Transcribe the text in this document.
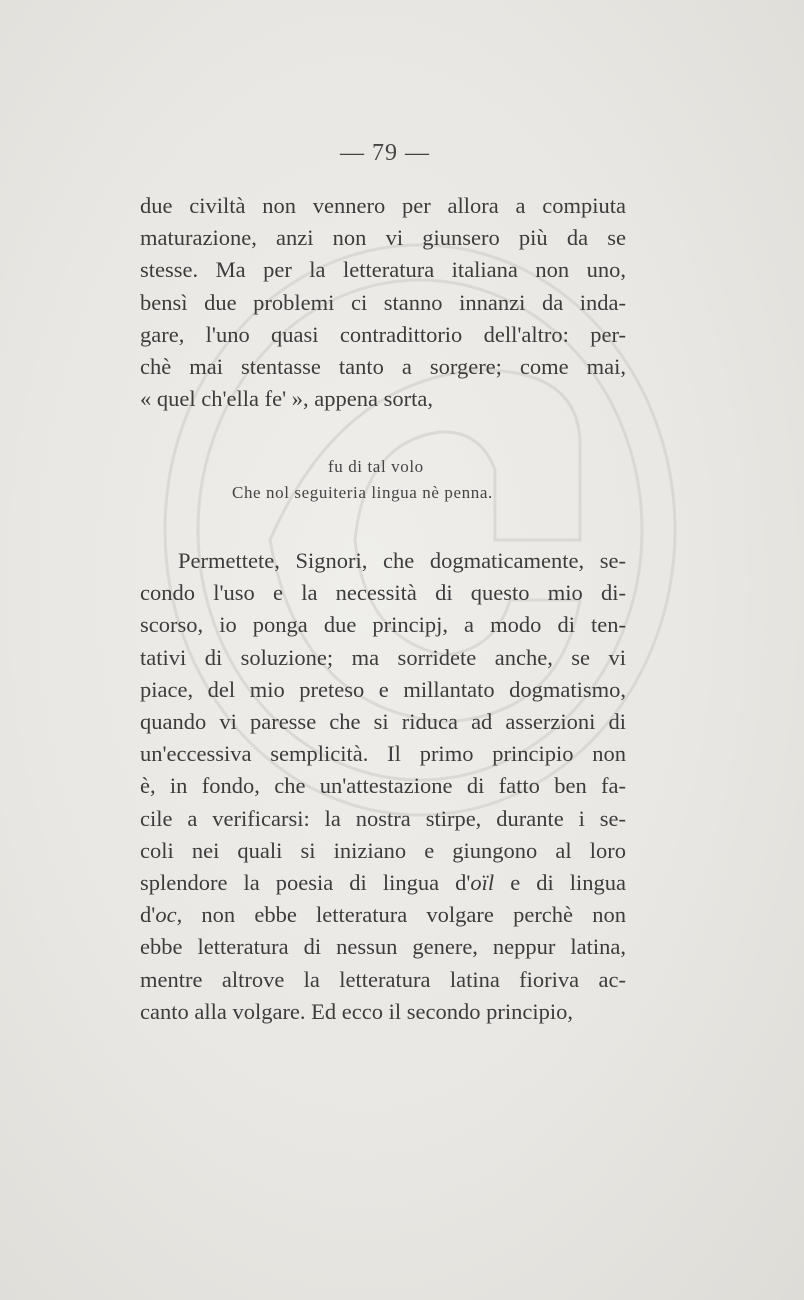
— 79 —

due civiltà non vennero per allora a compiuta
maturazione, anzi non vi giunsero più da se
stesse. Ma per la letteratura italiana non uno,
bensì due problemi ci stanno innanzi da inda-
gare, l'uno quasi contradittorio dell'altro: per-
chè mai stentasse tanto a sorgere; come mai,
« quel ch'ella fe' », appena sorta,

fu di tal volo
Che nol seguiteria lingua nè penna.

Permettete, Signori, che dogmaticamente, se-
condo l'uso e la necessità di questo mio di-
scorso, io ponga due principj, a modo di ten-
tativi di soluzione; ma sorridete anche, se vi
piace, del mio preteso e millantato dogmatismo,
quando vi paresse che si riduca ad asserzioni di
un'eccessiva semplicità. Il primo principio non
è, in fondo, che un'attestazione di fatto ben fa-
cile a verificarsi: la nostra stirpe, durante i se-
coli nei quali si iniziano e giungono al loro
splendore la poesia di lingua d'oïl e di lingua
d'oc, non ebbe letteratura volgare perchè non
ebbe letteratura di nessun genere, neppur latina,
mentre altrove la letteratura latina fioriva ac-
canto alla volgare. Ed ecco il secondo principio,
